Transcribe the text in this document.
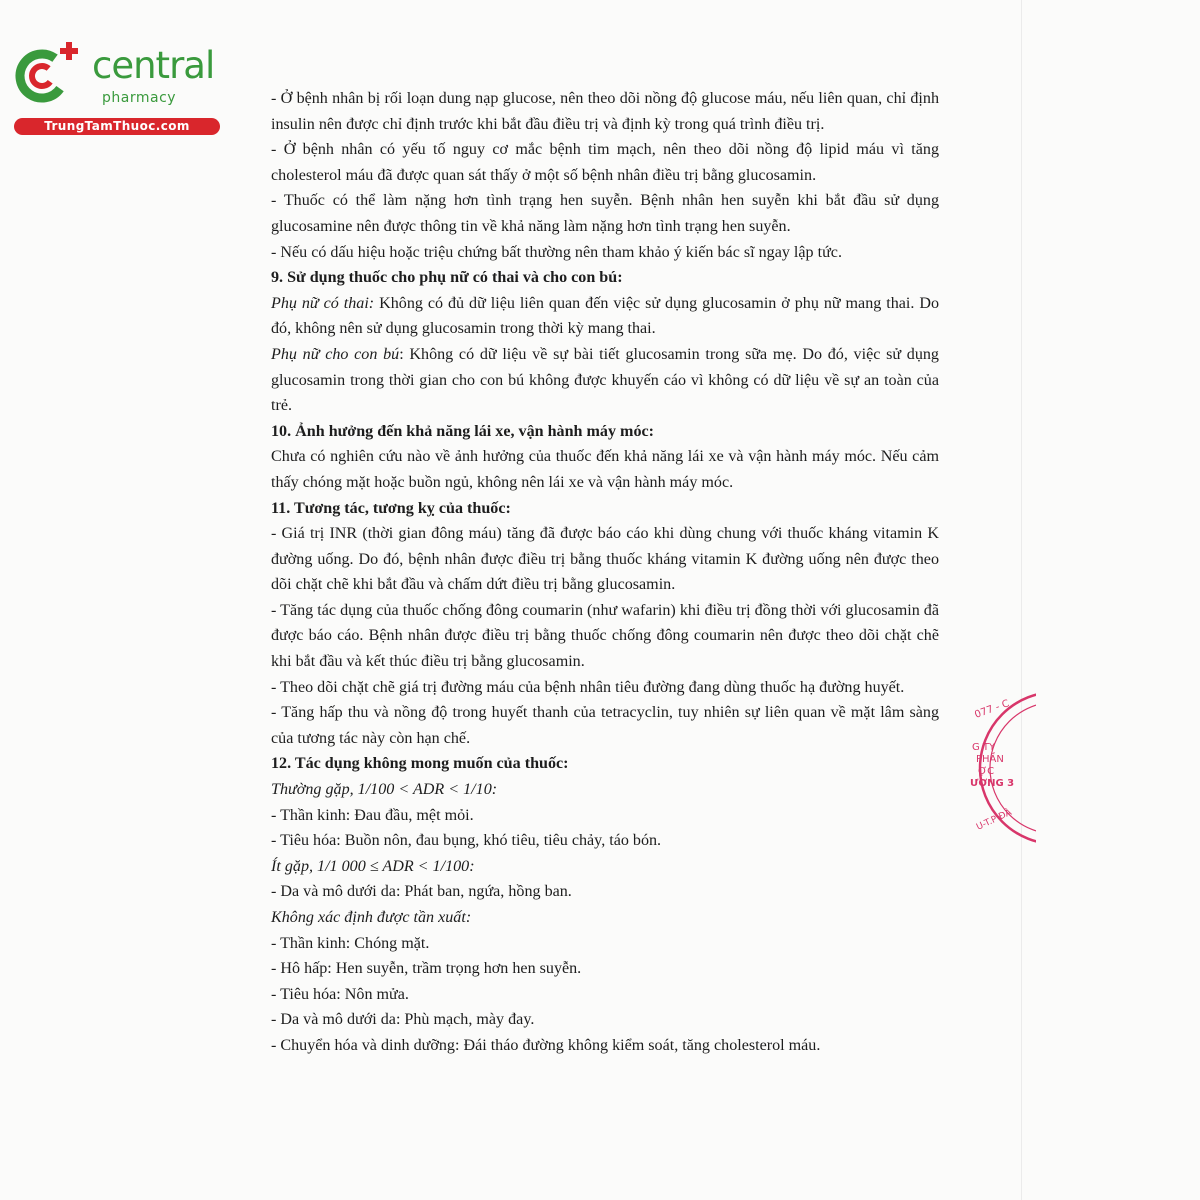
central
pharmacy
TrungTamThuoc.com

- Ở bệnh nhân bị rối loạn dung nạp glucose, nên theo dõi nồng độ glucose máu, nếu liên quan, chỉ định insulin nên được chỉ định trước khi bắt đầu điều trị và định kỳ trong quá trình điều trị.

- Ở bệnh nhân có yếu tố nguy cơ mắc bệnh tim mạch, nên theo dõi nồng độ lipid máu vì tăng cholesterol máu đã được quan sát thấy ở một số bệnh nhân điều trị bằng glucosamin.

- Thuốc có thể làm nặng hơn tình trạng hen suyễn. Bệnh nhân hen suyễn khi bắt đầu sử dụng glucosamine nên được thông tin về khả năng làm nặng hơn tình trạng hen suyễn.

- Nếu có dấu hiệu hoặc triệu chứng bất thường nên tham khảo ý kiến bác sĩ ngay lập tức.

9. Sử dụng thuốc cho phụ nữ có thai và cho con bú:

Phụ nữ có thai: Không có đủ dữ liệu liên quan đến việc sử dụng glucosamin ở phụ nữ mang thai. Do đó, không nên sử dụng glucosamin trong thời kỳ mang thai.

Phụ nữ cho con bú: Không có dữ liệu về sự bài tiết glucosamin trong sữa mẹ. Do đó, việc sử dụng glucosamin trong thời gian cho con bú không được khuyến cáo vì không có dữ liệu về sự an toàn của trẻ.

10. Ảnh hưởng đến khả năng lái xe, vận hành máy móc:

Chưa có nghiên cứu nào về ảnh hưởng của thuốc đến khả năng lái xe và vận hành máy móc. Nếu cảm thấy chóng mặt hoặc buồn ngủ, không nên lái xe và vận hành máy móc.

11. Tương tác, tương kỵ của thuốc:

- Giá trị INR (thời gian đông máu) tăng đã được báo cáo khi dùng chung với thuốc kháng vitamin K đường uống. Do đó, bệnh nhân được điều trị bằng thuốc kháng vitamin K đường uống nên được theo dõi chặt chẽ khi bắt đầu và chấm dứt điều trị bằng glucosamin.

- Tăng tác dụng của thuốc chống đông coumarin (như wafarin) khi điều trị đồng thời với glucosamin đã được báo cáo. Bệnh nhân được điều trị bằng thuốc chống đông coumarin nên được theo dõi chặt chẽ khi bắt đầu và kết thúc điều trị bằng glucosamin.

- Theo dõi chặt chẽ giá trị đường máu của bệnh nhân tiêu đường đang dùng thuốc hạ đường huyết.

- Tăng hấp thu và nồng độ trong huyết thanh của tetracyclin, tuy nhiên sự liên quan về mặt lâm sàng của tương tác này còn hạn chế.

12. Tác dụng không mong muốn của thuốc:

Thường gặp, 1/100 < ADR < 1/10:

- Thần kinh: Đau đầu, mệt mỏi.

- Tiêu hóa: Buồn nôn, đau bụng, khó tiêu, tiêu chảy, táo bón.

Ít gặp, 1/1 000 ≤ ADR < 1/100:

- Da và mô dưới da: Phát ban, ngứa, hồng ban.

Không xác định được tần xuất:

- Thần kinh: Chóng mặt.

- Hô hấp: Hen suyễn, trầm trọng hơn hen suyễn.

- Tiêu hóa: Nôn mửa.

- Da và mô dưới da: Phù mạch, mày đay.

- Chuyển hóa và dinh dưỡng: Đái tháo đường không kiểm soát, tăng cholesterol máu.

077 - C
G TY
PHẦN
ỢC
ƯƠNG 3
U-T.P ĐÀ
